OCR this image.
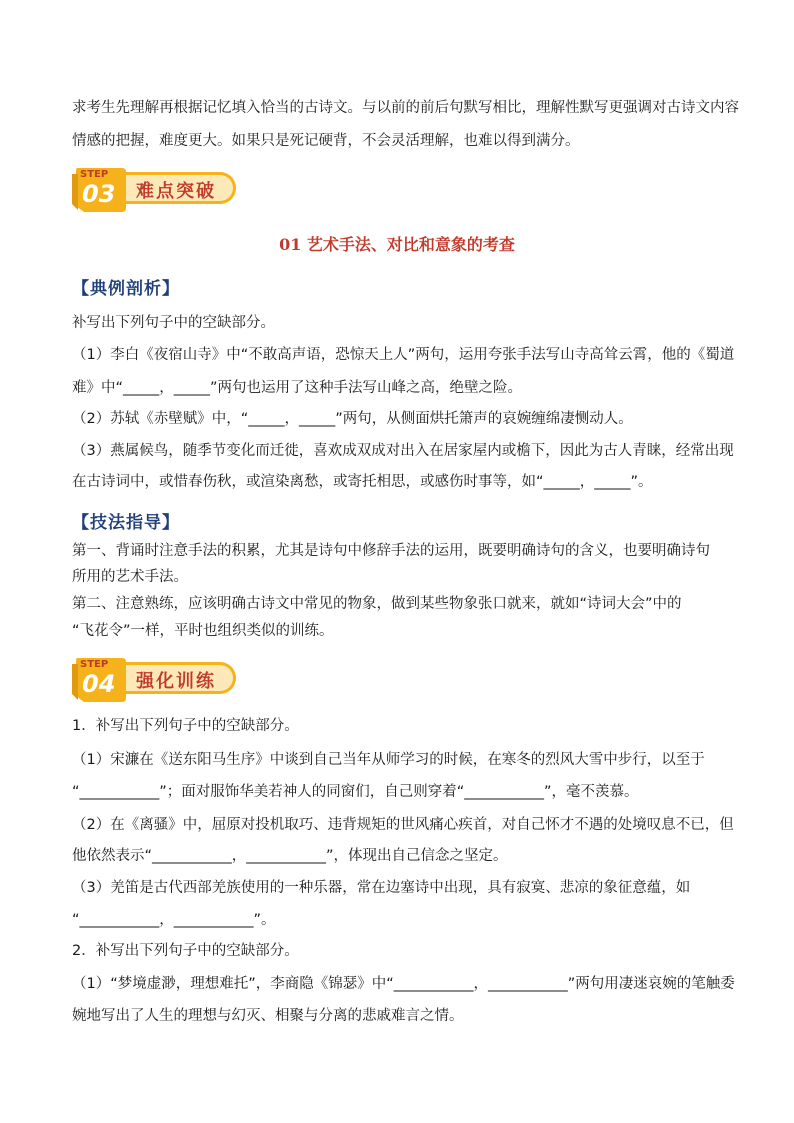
求考生先理解再根据记忆填入恰当的古诗文。与以前的前后句默写相比，理解性默写更强调对古诗文内容
情感的把握，难度更大。如果只是死记硬背，不会灵活理解，也难以得到满分。
STEP
03 难点突破
01 艺术手法、对比和意象的考查
【典例剖析】
补写出下列句子中的空缺部分。
（1）李白《夜宿山寺》中“不敢高声语，恐惊天上人”两句，运用夸张手法写山寺高耸云霄，他的《蜀道
难》中“_____，_____”两句也运用了这种手法写山峰之高，绝壁之险。
（2）苏轼《赤壁赋》中，“_____，_____”两句，从侧面烘托箫声的哀婉缠绵凄恻动人。
（3）燕属候鸟，随季节变化而迁徙，喜欢成双成对出入在居家屋内或檐下，因此为古人青睐，经常出现
在古诗词中，或惜春伤秋，或渲染离愁，或寄托相思，或感伤时事等，如“_____，_____”。
【技法指导】
第一、背诵时注意手法的积累，尤其是诗句中修辞手法的运用，既要明确诗句的含义，也要明确诗句
所用的艺术手法。
第二、注意熟练，应该明确古诗文中常见的物象，做到某些物象张口就来，就如“诗词大会”中的
“飞花令”一样，平时也组织类似的训练。
STEP
04 强化训练
1．补写出下列句子中的空缺部分。
（1）宋濂在《送东阳马生序》中谈到自己当年从师学习的时候，在寒冬的烈风大雪中步行，以至于
“___________”；面对服饰华美若神人的同窗们，自己则穿着“___________”，毫不羡慕。
（2）在《离骚》中，屈原对投机取巧、违背规矩的世风痛心疾首，对自己怀才不遇的处境叹息不已，但
他依然表示“___________，___________”，体现出自己信念之坚定。
（3）羌笛是古代西部羌族使用的一种乐器，常在边塞诗中出现，具有寂寞、悲凉的象征意蕴，如
“___________，___________”。
2．补写出下列句子中的空缺部分。
（1）“梦境虚渺，理想难托”，李商隐《锦瑟》中“___________，___________”两句用凄迷哀婉的笔触委
婉地写出了人生的理想与幻灭、相聚与分离的悲戚难言之情。
